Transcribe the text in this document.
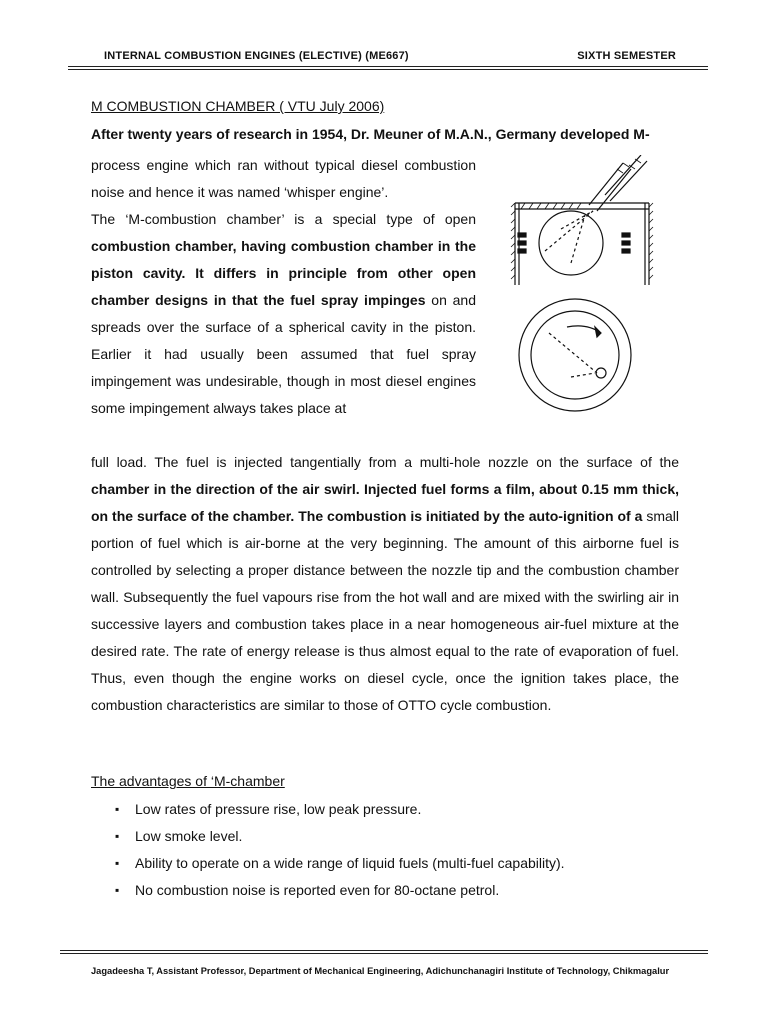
INTERNAL COMBUSTION ENGINES (ELECTIVE) (ME667)	SIXTH SEMESTER
M COMBUSTION CHAMBER ( VTU July 2006)
After twenty years of research in 1954, Dr. Meuner of M.A.N., Germany developed M-

process engine which ran without typical diesel combustion noise and hence it was named ‘whisper engine’.

The ‘M-combustion chamber’ is a special type of open combustion chamber, having combustion chamber in the piston cavity. It differs in principle from other open chamber designs in that the fuel spray impinges on and spreads over the surface of a spherical cavity in the piston. Earlier it had usually been assumed that fuel spray impingement was undesirable, though in most diesel engines some impingement always takes place at

full load. The fuel is injected tangentially from a multi-hole nozzle on the surface of the chamber in the direction of the air swirl. Injected fuel forms a film, about 0.15 mm thick, on the surface of the chamber. The combustion is initiated by the auto-ignition of a small portion of fuel which is air-borne at the very beginning. The amount of this airborne fuel is controlled by selecting a proper distance between the nozzle tip and the combustion chamber wall. Subsequently the fuel vapours rise from the hot wall and are mixed with the swirling air in successive layers and combustion takes place in a near homogeneous air-fuel mixture at the desired rate. The rate of energy release is thus almost equal to the rate of evaporation of fuel. Thus, even though the engine works on diesel cycle, once the ignition takes place, the combustion characteristics are similar to those of OTTO cycle combustion.

The advantages of ‘M-chamber
▪ Low rates of pressure rise, low peak pressure.
▪ Low smoke level.
▪ Ability to operate on a wide range of liquid fuels (multi-fuel capability).
▪ No combustion noise is reported even for 80-octane petrol.
Jagadeesha T, Assistant Professor, Department of Mechanical Engineering, Adichunchanagiri Institute of Technology, Chikmagalur
